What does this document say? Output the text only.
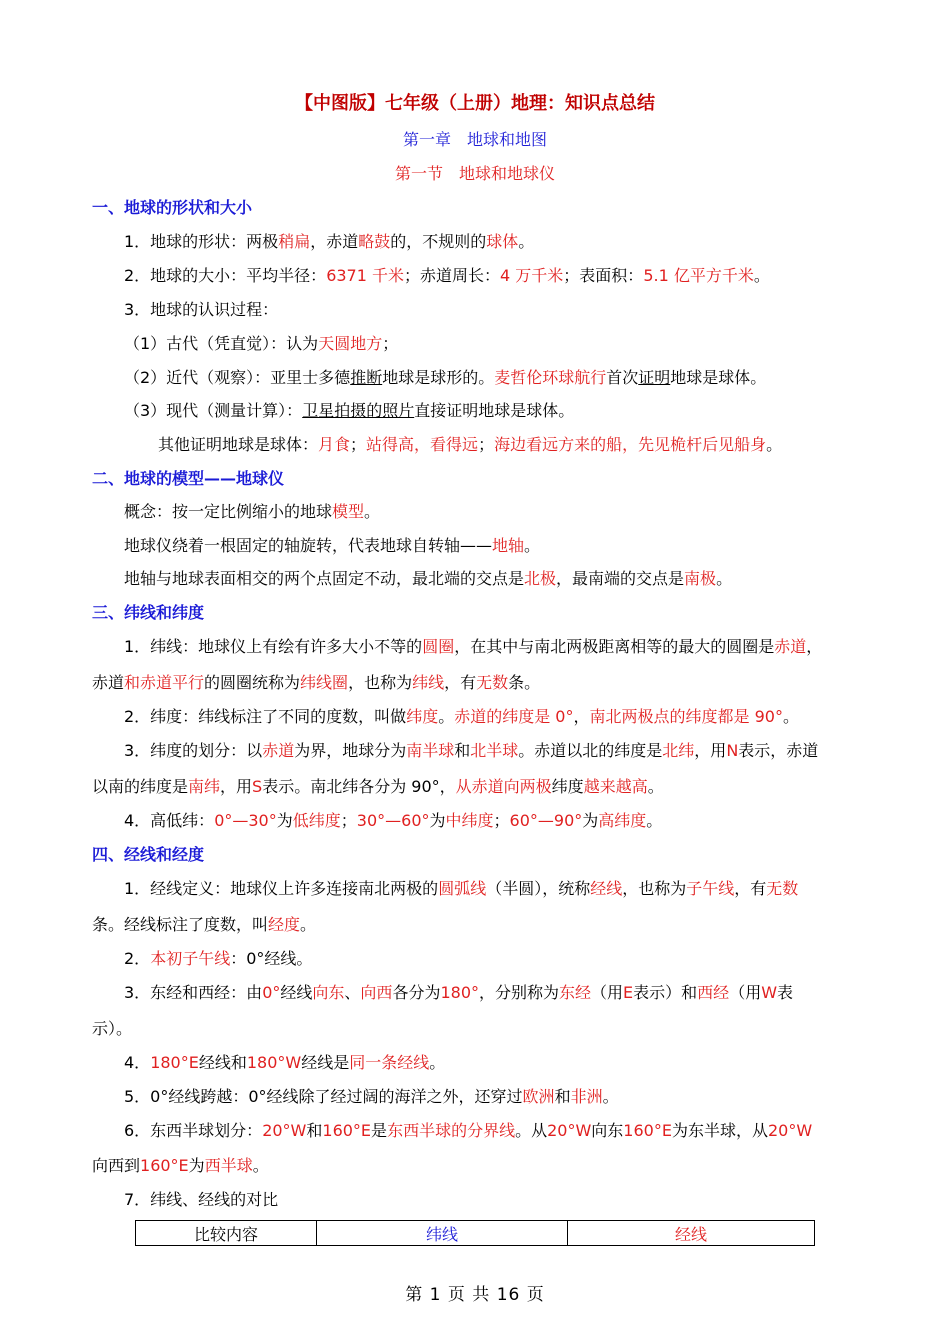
【中图版】七年级（上册）地理：知识点总结
第一章　地球和地图
第一节　地球和地球仪
一、地球的形状和大小
1．地球的形状：两极稍扁，赤道略鼓的，不规则的球体。
2．地球的大小：平均半径：6371 千米；赤道周长：4 万千米；表面积：5.1 亿平方千米。
3．地球的认识过程：
（1）古代（凭直觉）：认为天圆地方；
（2）近代（观察）：亚里士多德推断地球是球形的。麦哲伦环球航行首次证明地球是球体。
（3）现代（测量计算）：卫星拍摄的照片直接证明地球是球体。
其他证明地球是球体：月食；站得高，看得远；海边看远方来的船，先见桅杆后见船身。
二、地球的模型——地球仪
概念：按一定比例缩小的地球模型。
地球仪绕着一根固定的轴旋转，代表地球自转轴——地轴。
地轴与地球表面相交的两个点固定不动，最北端的交点是北极，最南端的交点是南极。
三、纬线和纬度
1．纬线：地球仪上有绘有许多大小不等的圆圈，在其中与南北两极距离相等的最大的圆圈是赤道，
赤道和赤道平行的圆圈统称为纬线圈，也称为纬线，有无数条。
2．纬度：纬线标注了不同的度数，叫做纬度。赤道的纬度是 0°，南北两极点的纬度都是 90°。
3．纬度的划分：以赤道为界，地球分为南半球和北半球。赤道以北的纬度是北纬，用N表示，赤道
以南的纬度是南纬，用S表示。南北纬各分为 90°，从赤道向两极纬度越来越高。
4．高低纬：0°—30°为低纬度；30°—60°为中纬度；60°—90°为高纬度。
四、经线和经度
1．经线定义：地球仪上许多连接南北两极的圆弧线（半圆），统称经线，也称为子午线，有无数
条。经线标注了度数，叫经度。
2．本初子午线：0°经线。
3．东经和西经：由0°经线向东、向西各分为180°，分别称为东经（用E表示）和西经（用W表
示）。
4．180°E经线和180°W经线是同一条经线。
5．0°经线跨越：0°经线除了经过阔的海洋之外，还穿过欧洲和非洲。
6．东西半球划分：20°W和160°E是东西半球的分界线。从20°W向东160°E为东半球，从20°W
向西到160°E为西半球。
7．纬线、经线的对比
比较内容	纬线	经线
第 1 页 共 16 页
